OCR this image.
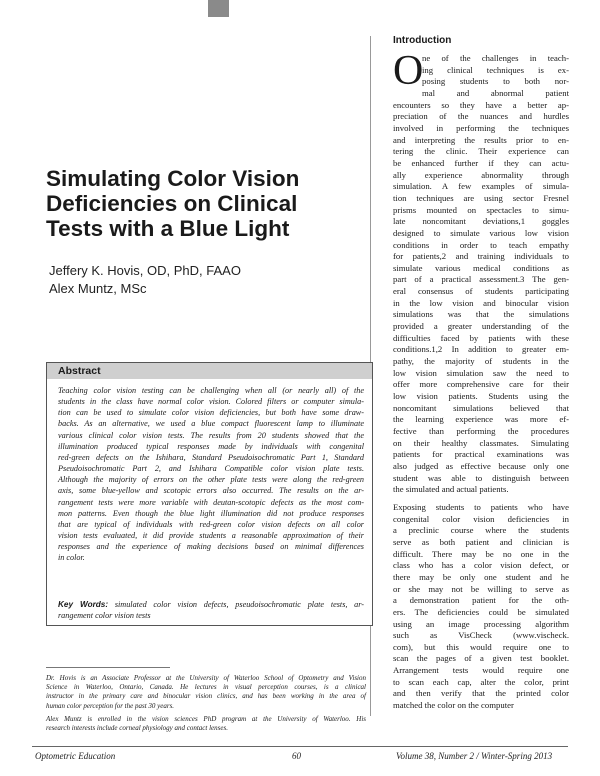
Simulating Color Vision
Deficiencies on Clinical
Tests with a Blue Light
Jeffery K. Hovis, OD, PhD, FAAO
Alex Muntz, MSc
Abstract
Teaching color vision testing can be challenging when all (or nearly all) of the
students in the class have normal color vision. Colored filters or computer simula-
tion can be used to simulate color vision deficiencies, but both have some draw-
backs. As an alternative, we used a blue compact fluorescent lamp to illuminate
various clinical color vision tests. The results from 20 students showed that the
illumination produced typical responses made by individuals with congenital
red-green defects on the Ishihara, Standard Pseudoisochromatic Part 1, Standard
Pseudoisochromatic Part 2, and Ishihara Compatible color vision plate tests.
Although the majority of errors on the other plate tests were along the red-green
axis, some blue-yellow and scotopic errors also occurred. The results on the ar-
rangement tests were more variable with deutan-scotopic defects as the most com-
mon patterns. Even though the blue light illumination did not produce responses
that are typical of individuals with red-green color vision defects on all color
vision tests evaluated, it did provide students a reasonable approximation of their
responses and the experience of making decisions based on minimal differences
in color.
Key Words: simulated color vision defects, pseudoisochromatic plate tests, ar-
rangement color vision tests
Dr. Hovis is an Associate Professor at the University of Waterloo School of Optometry and Vision
Science in Waterloo, Ontario, Canada. He lectures in visual perception courses, is a clinical
instructor in the primary care and binocular vision clinics, and has been working in the area of
human color perception for the past 30 years.
Alex Muntz is enrolled in the vision sciences PhD program at the University of Waterloo. His
research interests include corneal physiology and contact lenses.
Introduction
O
ne of the challenges in teach-
ing clinical techniques is ex-
posing students to both nor-
mal and abnormal patient
encounters so they have a better ap-
preciation of the nuances and hurdles
involved in performing the techniques
and interpreting the results prior to en-
tering the clinic. Their experience can
be enhanced further if they can actu-
ally experience abnormality through
simulation. A few examples of simula-
tion techniques are using sector Fresnel
prisms mounted on spectacles to simu-
late noncomitant deviations,1 goggles
designed to simulate various low vision
conditions in order to teach empathy
for patients,2 and training individuals to
simulate various medical conditions as
part of a practical assessment.3 The gen-
eral consensus of students participating
in the low vision and binocular vision
simulations was that the simulations
provided a greater understanding of the
difficulties faced by patients with these
conditions.1,2 In addition to greater em-
pathy, the majority of students in the
low vision simulation saw the need to
offer more comprehensive care for their
low vision patients. Students using the
noncomitant simulations believed that
the learning experience was more ef-
fective than performing the procedures
on their healthy classmates. Simulating
patients for practical examinations was
also judged as effective because only one
student was able to distinguish between
the simulated and actual patients.
Exposing students to patients who have
congenital color vision deficiencies in
a preclinic course where the students
serve as both patient and clinician is
difficult. There may be no one in the
class who has a color vision defect, or
there may be only one student and he
or she may not be willing to serve as
a demonstration patient for the oth-
ers. The deficiencies could be simulated
using an image processing algorithm
such as VisCheck (www.vischeck.
com), but this would require one to
scan the pages of a given test booklet.
Arrangement tests would require one
to scan each cap, alter the color, print
and then verify that the printed color
matched the color on the computer
Optometric Education	60	Volume 38, Number 2 / Winter-Spring 2013
